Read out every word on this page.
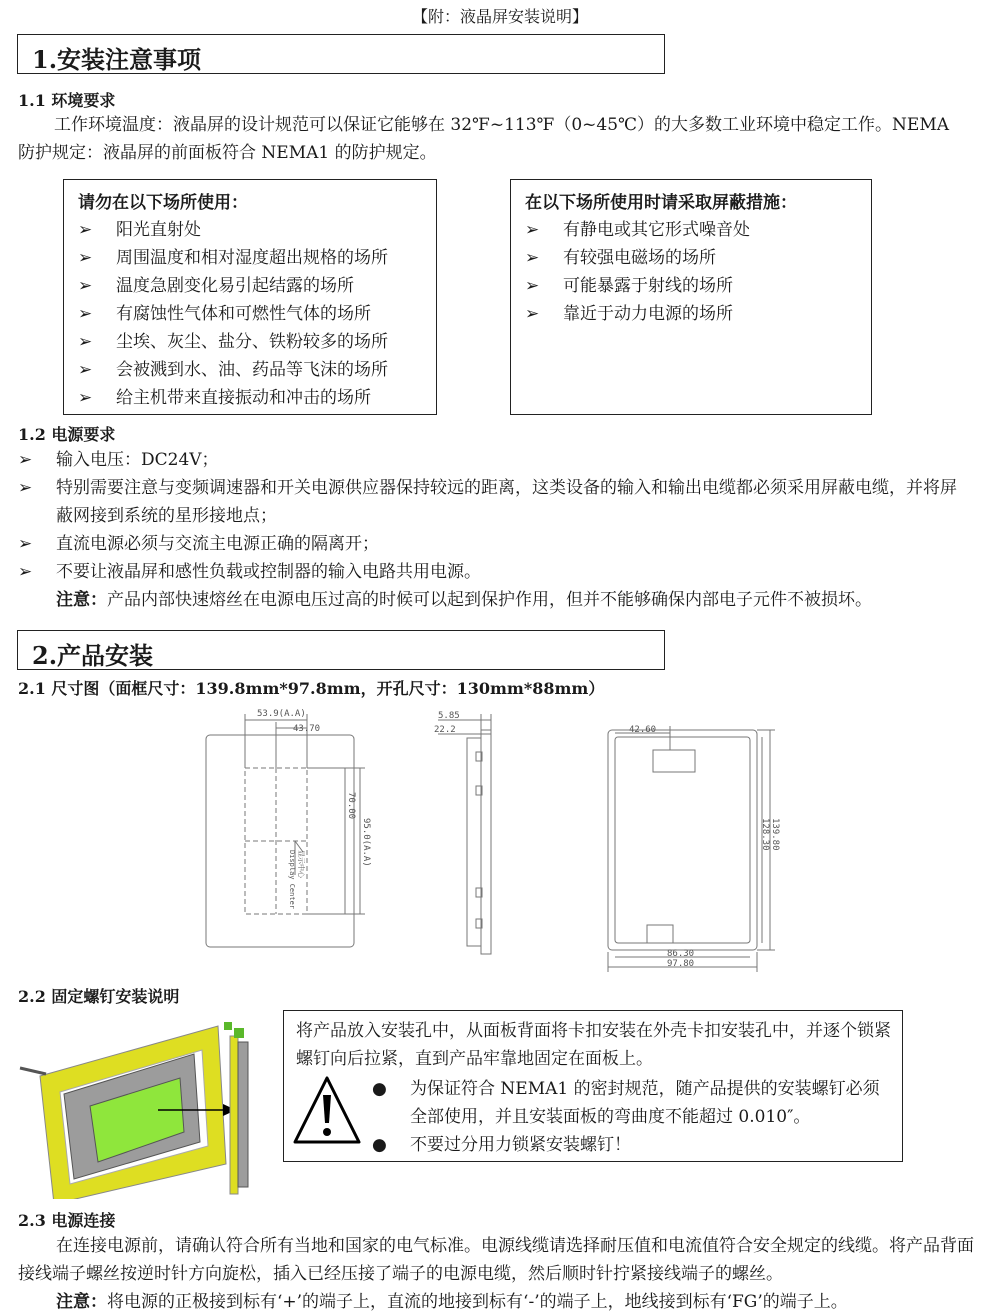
【附：液晶屏安装说明】
1.安装注意事项
1.1 环境要求
工作环境温度：液晶屏的设计规范可以保证它能够在 32℉~113℉（0~45℃）的大多数工业环境中稳定工作。NEMA
防护规定：液晶屏的前面板符合 NEMA1 的防护规定。
请勿在以下场所使用：
➢ 阳光直射处
➢ 周围温度和相对湿度超出规格的场所
➢ 温度急剧变化易引起结露的场所
➢ 有腐蚀性气体和可燃性气体的场所
➢ 尘埃、灰尘、盐分、铁粉较多的场所
➢ 会被溅到水、油、药品等飞沫的场所
➢ 给主机带来直接振动和冲击的场所
在以下场所使用时请采取屏蔽措施：
➢ 有静电或其它形式噪音处
➢ 有较强电磁场的场所
➢ 可能暴露于射线的场所
➢ 靠近于动力电源的场所
1.2 电源要求
➢	输入电压：DC24V；
➢	特别需要注意与变频调速器和开关电源供应器保持较远的距离，这类设备的输入和输出电缆都必须采用屏蔽电缆，并将屏蔽网接到系统的星形接地点；
➢	直流电源必须与交流主电源正确的隔离开；
➢	不要让液晶屏和感性负载或控制器的输入电路共用电源。
注意：产品内部快速熔丝在电源电压过高的时候可以起到保护作用，但并不能够确保内部电子元件不被损坏。
2.产品安装
2.1 尺寸图（面框尺寸：139.8mm*97.8mm，开孔尺寸：130mm*88mm）
53.9(A.A)
43.70
70.00
95.0(A.A)
显示中心
Display Center
5.85
22.2	42.60
86.30
97.80
139.80
128.30
2.2 固定螺钉安装说明
将产品放入安装孔中，从面板背面将卡扣安装在外壳卡扣安装孔中，并逐个锁紧螺钉向后拉紧，直到产品牢靠地固定在面板上。
● 为保证符合 NEMA1 的密封规范，随产品提供的安装螺钉必须全部使用，并且安装面板的弯曲度不能超过 0.010″。
● 不要过分用力锁紧安装螺钉！
2.3 电源连接
在连接电源前，请确认符合所有当地和国家的电气标准。电源线缆请选择耐压值和电流值符合安全规定的线缆。将产品背面接线端子螺丝按逆时针方向旋松，插入已经压接了端子的电源电缆，然后顺时针拧紧接线端子的螺丝。
注意：将电源的正极接到标有‘+’的端子上，直流的地接到标有‘-’的端子上，地线接到标有‘FG’的端子上。
